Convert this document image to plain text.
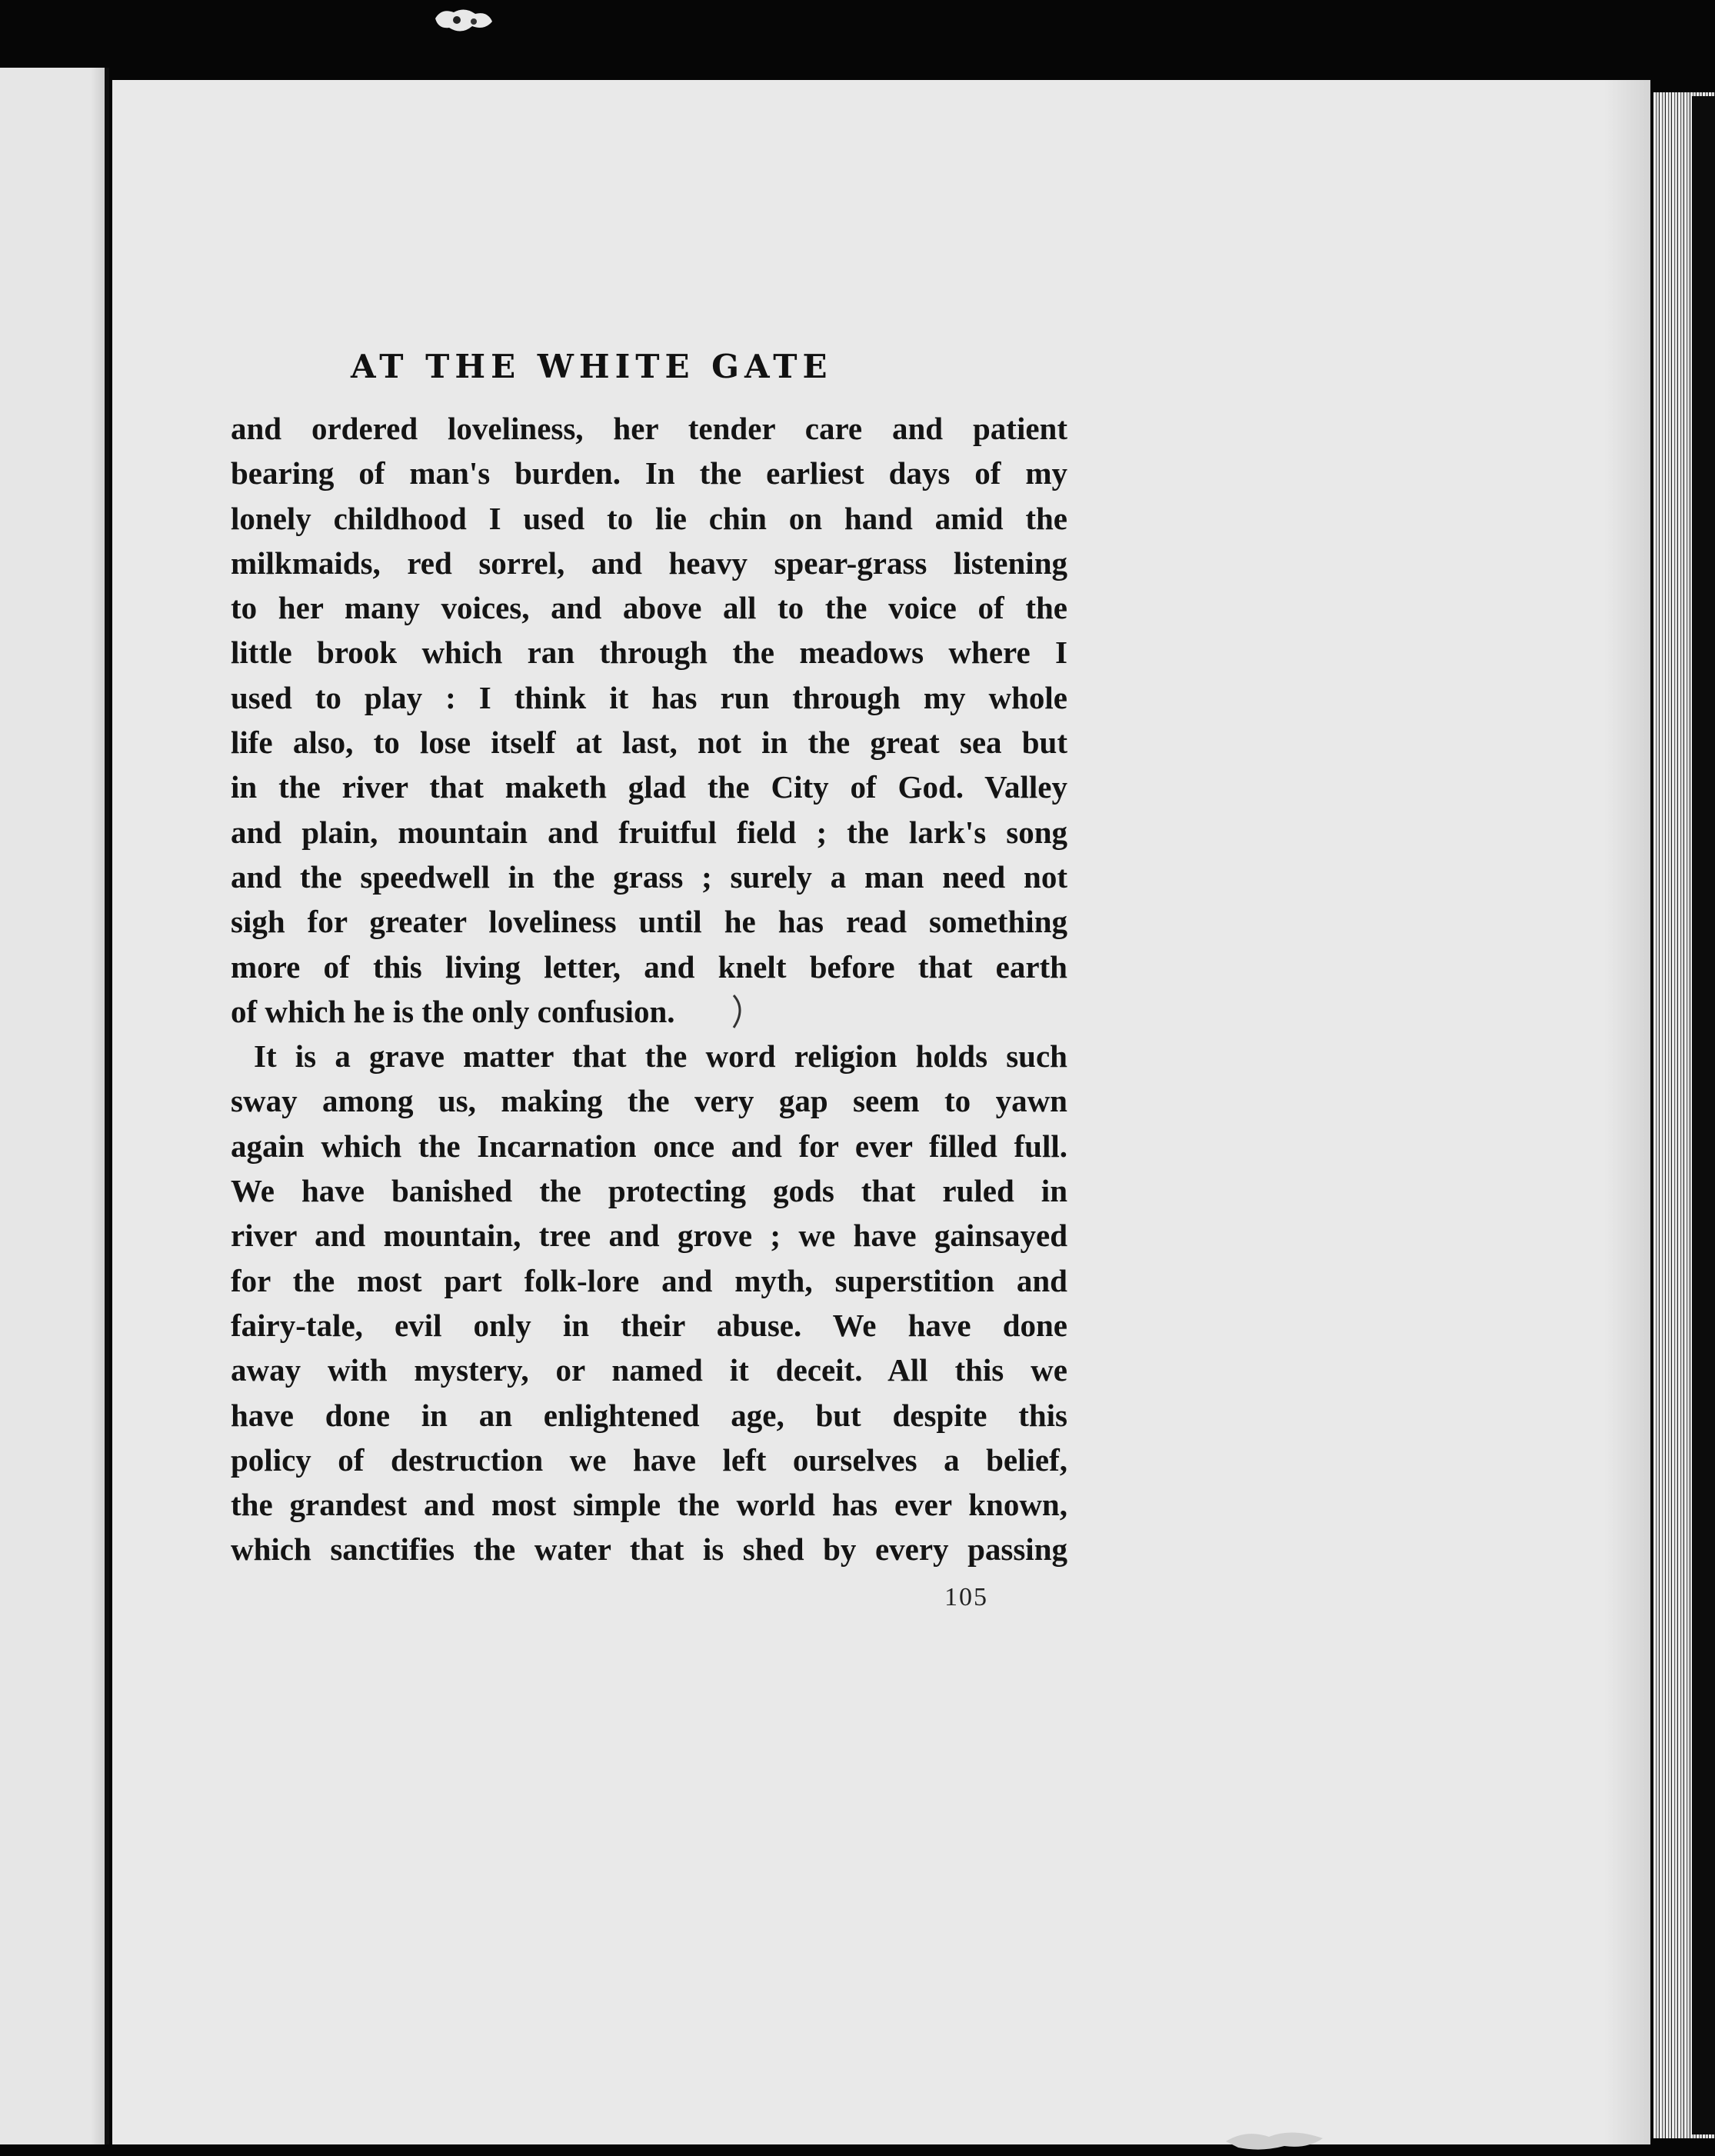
AT THE WHITE GATE
and ordered loveliness, her tender care and patient
bearing of man's burden. In the earliest days of my
lonely childhood I used to lie chin on hand amid the
milkmaids, red sorrel, and heavy spear-grass listening
to her many voices, and above all to the voice of the
little brook which ran through the meadows where I
used to play : I think it has run through my whole
life also, to lose itself at last, not in the great sea but
in the river that maketh glad the City of God. Valley
and plain, mountain and fruitful field ; the lark's song
and the speedwell in the grass ; surely a man need not
sigh for greater loveliness until he has read something
more of this living letter, and knelt before that earth
of which he is the only confusion.
It is a grave matter that the word religion holds such
sway among us, making the very gap seem to yawn
again which the Incarnation once and for ever filled full.
We have banished the protecting gods that ruled in
river and mountain, tree and grove ; we have gainsayed
for the most part folk-lore and myth, superstition and
fairy-tale, evil only in their abuse. We have done
away with mystery, or named it deceit. All this we
have done in an enlightened age, but despite this
policy of destruction we have left ourselves a belief,
the grandest and most simple the world has ever known,
which sanctifies the water that is shed by every passing
105
